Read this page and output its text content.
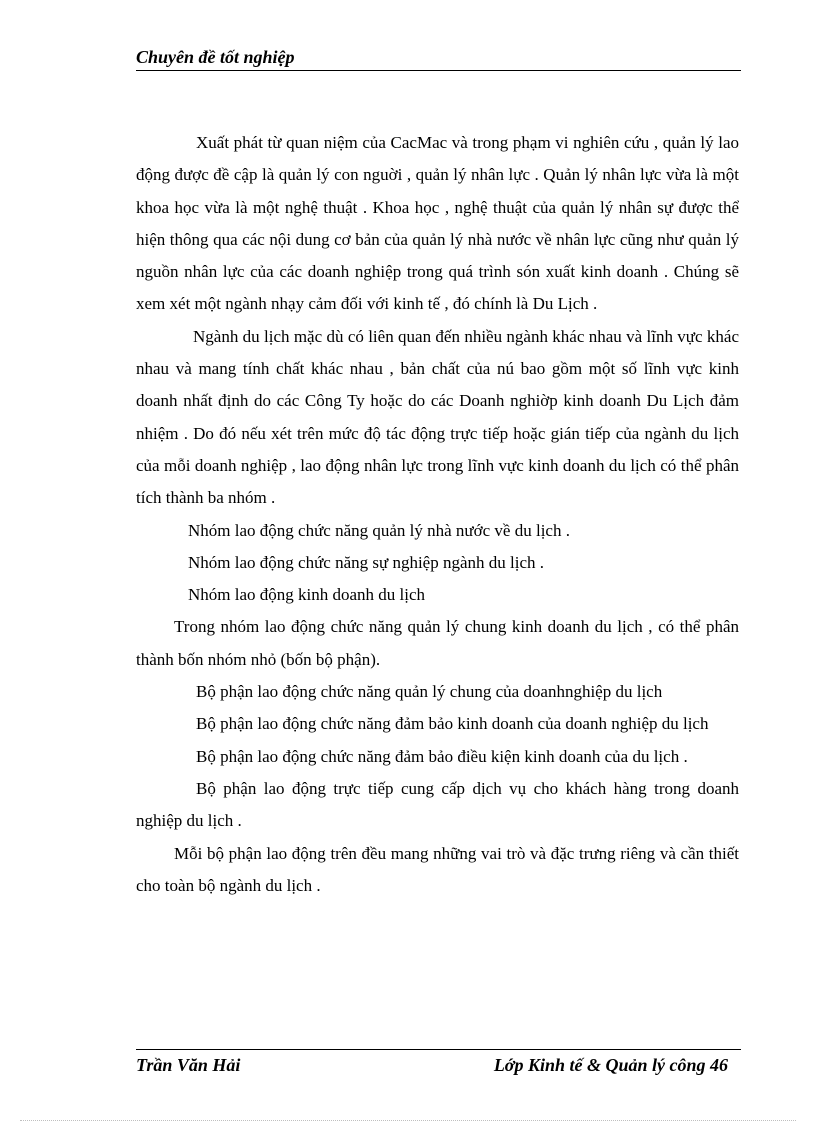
Chuyên đề tốt nghiệp

Xuất phát từ quan niệm của CacMac và trong phạm vi nghiên cứu , quản lý lao động được đề cập là quản lý con nguời , quản lý nhân lực . Quản lý nhân lực vừa là một khoa học vừa là một nghệ thuật . Khoa học , nghệ thuật của quản lý nhân sự được thể hiện thông qua các nội dung cơ bản của quản lý nhà nước về nhân lực cũng như quản lý nguồn nhân lực của các doanh nghiệp trong quá trình són xuất kinh doanh . Chúng sẽ xem xét một ngành nhạy cảm đối với kinh tế , đó chính là Du Lịch .

Ngành du lịch mặc dù có liên quan đến nhiều ngành khác nhau và lĩnh vực khác nhau và mang tính chất khác nhau , bản chất của nú bao gồm một số lĩnh vực kinh doanh nhất định do các Công Ty hoặc do các Doanh nghiờp kinh doanh Du Lịch đảm nhiệm . Do đó nếu xét trên mức độ tác động trực tiếp hoặc gián tiếp của ngành du lịch của mỗi doanh nghiệp , lao động nhân lực trong lĩnh vực kinh doanh du lịch có thể phân tích thành ba nhóm .

Nhóm lao động chức năng quản lý nhà nước về du lịch .

Nhóm lao động chức năng sự nghiệp ngành du lịch .

Nhóm lao động kinh doanh du lịch

Trong nhóm lao động chức năng quản lý chung kinh doanh du lịch , có thể phân thành bốn nhóm nhỏ (bốn bộ phận).

Bộ phận lao động chức năng quản lý chung của doanhnghiệp du lịch

Bộ phận lao động chức năng đảm bảo kinh doanh của doanh nghiệp du lịch

Bộ phận lao động chức năng đảm bảo điều kiện kinh doanh của du lịch .

Bộ phận lao động trực tiếp cung cấp dịch vụ cho khách hàng trong doanh nghiệp du lịch .

Mỗi bộ phận lao động trên đều mang những vai trò và đặc trưng riêng và cần thiết cho toàn bộ ngành du lịch .

Trần Văn Hải	Lớp Kinh tế & Quản lý công 46
